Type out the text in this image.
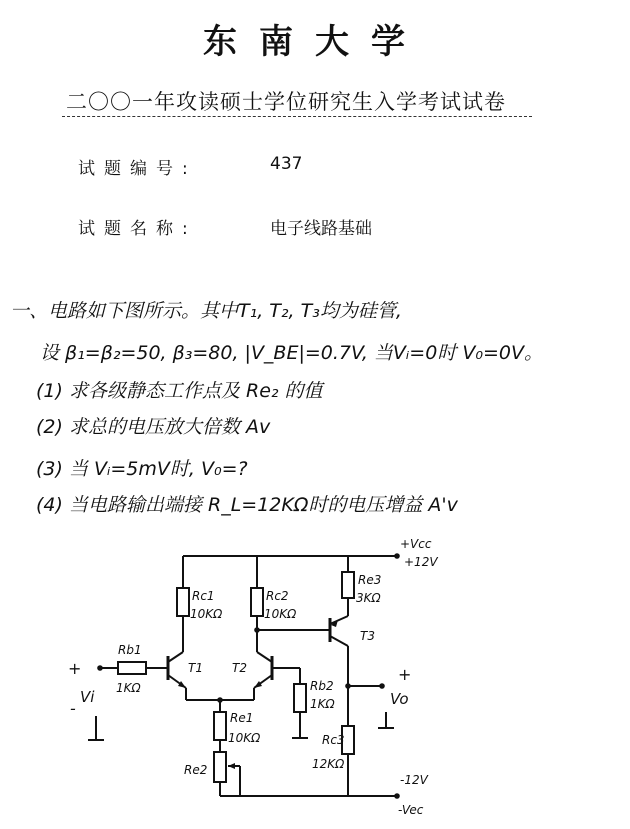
东南大学
二〇〇一年攻读硕士学位研究生入学考试试卷
试题编号:	437
试题名称:	电子线路基础
一、电路如下图所示。其中T₁, T₂, T₃均为硅管,
设 β₁=β₂=50, β₃=80, |V_BE|=0.7V, 当Vᵢ=0时 V₀=0V。
(1) 求各级静态工作点及 Re₂ 的值
(2) 求总的电压放大倍数 Av
(3) 当 Vᵢ=5mV时, V₀=?
(4) 当电路输出端接 R_L=12KΩ时的电压增益 A'v
+Vcc
+12V
Rc1
10KΩ
Rc2
10KΩ
Re3
3KΩ
T3
Rb1
1KΩ
T1 T2
Rb2
1KΩ
Re1
10KΩ
Re2
Rc3
12KΩ
-12V
-Vec
+
Vi
-
+
Vo
